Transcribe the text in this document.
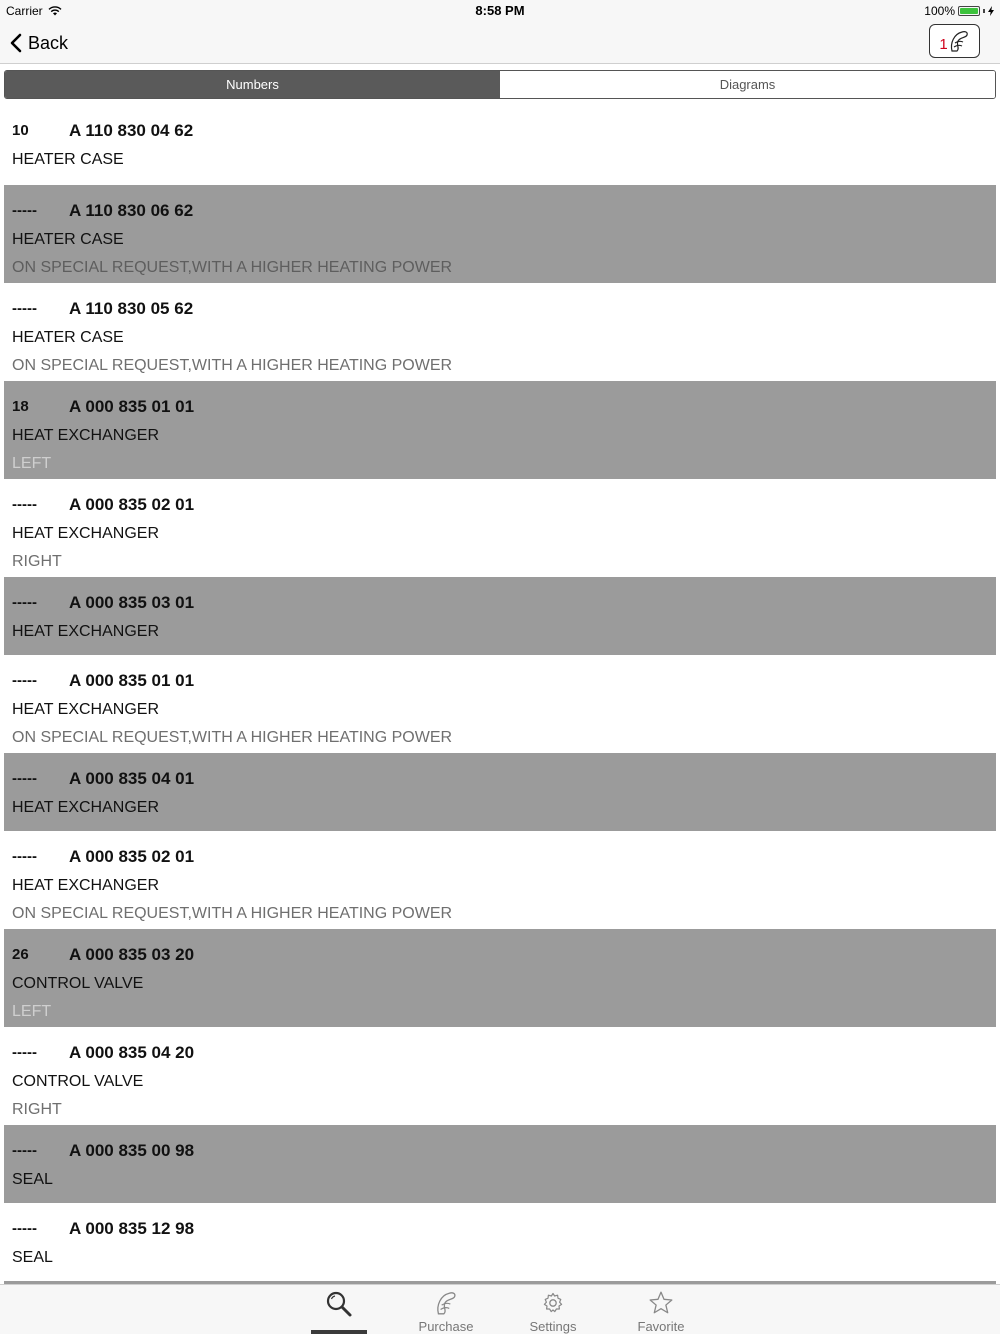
Carrier	8:58 PM	100%
Back	1
Numbers	Diagrams
10	A 110 830 04 62
HEATER CASE
-----	A 110 830 06 62
HEATER CASE
ON SPECIAL REQUEST,WITH A HIGHER HEATING POWER
-----	A 110 830 05 62
HEATER CASE
ON SPECIAL REQUEST,WITH A HIGHER HEATING POWER
18	A 000 835 01 01
HEAT EXCHANGER
LEFT
-----	A 000 835 02 01
HEAT EXCHANGER
RIGHT
-----	A 000 835 03 01
HEAT EXCHANGER
-----	A 000 835 01 01
HEAT EXCHANGER
ON SPECIAL REQUEST,WITH A HIGHER HEATING POWER
-----	A 000 835 04 01
HEAT EXCHANGER
-----	A 000 835 02 01
HEAT EXCHANGER
ON SPECIAL REQUEST,WITH A HIGHER HEATING POWER
26	A 000 835 03 20
CONTROL VALVE
LEFT
-----	A 000 835 04 20
CONTROL VALVE
RIGHT
-----	A 000 835 00 98
SEAL
-----	A 000 835 12 98
SEAL
Purchase	Settings	Favorite
